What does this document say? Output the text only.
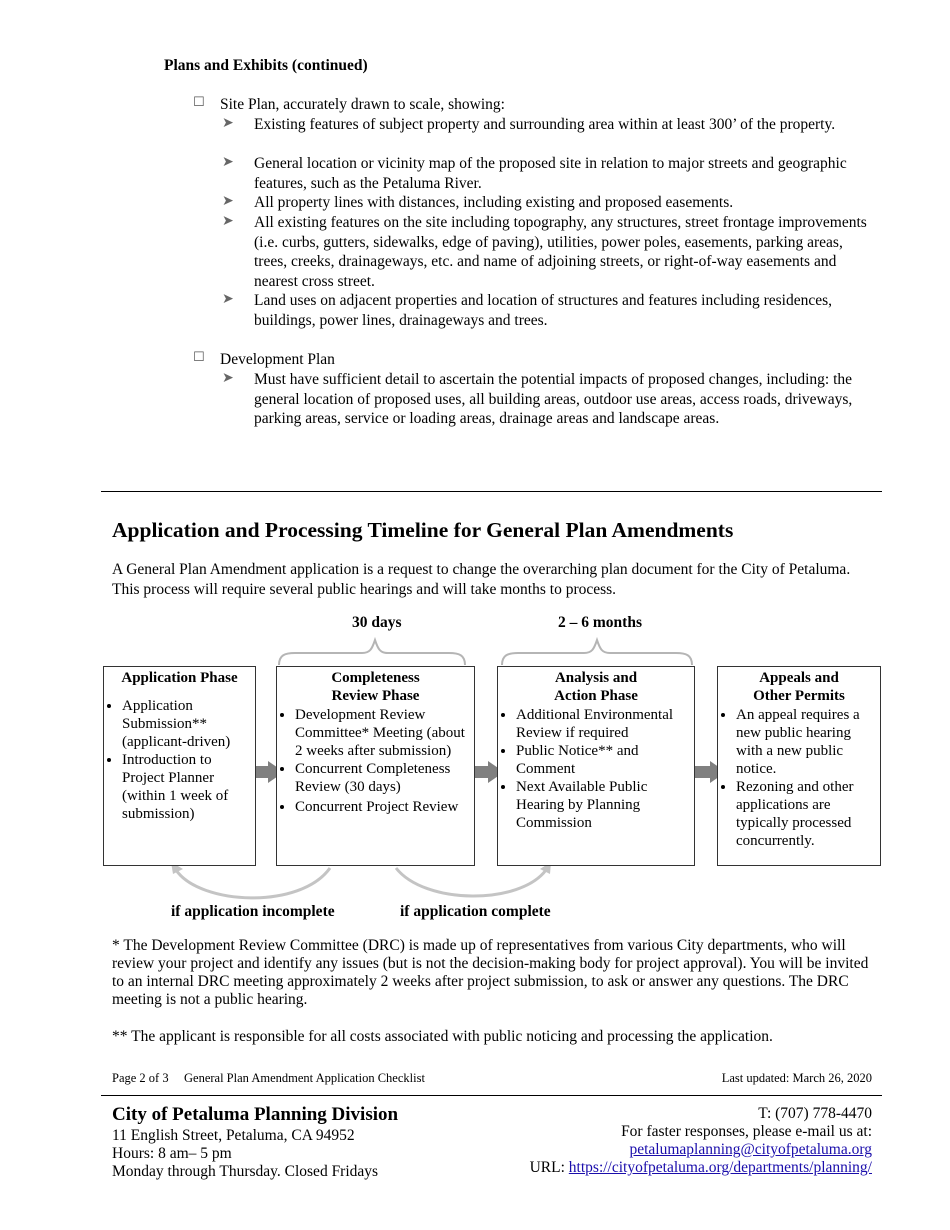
Plans and Exhibits (continued)
☐ Site Plan, accurately drawn to scale, showing:
➤ Existing features of subject property and surrounding area within at least 300’ of the property.
➤ General location or vicinity map of the proposed site in relation to major streets and geographic features, such as the Petaluma River.
➤ All property lines with distances, including existing and proposed easements.
➤ All existing features on the site including topography, any structures, street frontage improvements (i.e. curbs, gutters, sidewalks, edge of paving), utilities, power poles, easements, parking areas, trees, creeks, drainageways, etc. and name of adjoining streets, or right-of-way easements and nearest cross street.
➤ Land uses on adjacent properties and location of structures and features including residences, buildings, power lines, drainageways and trees.
☐ Development Plan
➤ Must have sufficient detail to ascertain the potential impacts of proposed changes, including: the general location of proposed uses, all building areas, outdoor use areas, access roads, driveways, parking areas, service or loading areas, drainage areas and landscape areas.
Application and Processing Timeline for General Plan Amendments
A General Plan Amendment application is a request to change the overarching plan document for the City of Petaluma. This process will require several public hearings and will take months to process.
30 days	2 – 6 months
Application Phase
• Application Submission** (applicant-driven)
• Introduction to Project Planner (within 1 week of submission)
Completeness
Review Phase
• Development Review Committee* Meeting (about 2 weeks after submission)
• Concurrent Completeness Review (30 days)
• Concurrent Project Review
Analysis and
Action Phase
• Additional Environmental Review if required
• Public Notice** and Comment
• Next Available Public Hearing by Planning Commission
Appeals and
Other Permits
• An appeal requires a new public hearing with a new public notice.
• Rezoning and other applications are typically processed concurrently.
if application incomplete	if application complete
* The Development Review Committee (DRC) is made up of representatives from various City departments, who will review your project and identify any issues (but is not the decision-making body for project approval). You will be invited to an internal DRC meeting approximately 2 weeks after project submission, to ask or answer any questions. The DRC meeting is not a public hearing.
** The applicant is responsible for all costs associated with public noticing and processing the application.
Page 2 of 3 General Plan Amendment Application Checklist	Last updated: March 26, 2020
City of Petaluma Planning Division
11 English Street, Petaluma, CA 94952
Hours: 8 am– 5 pm
Monday through Thursday. Closed Fridays
T: (707) 778-4470
For faster responses, please e-mail us at:
petalumaplanning@cityofpetaluma.org
URL: https://cityofpetaluma.org/departments/planning/
